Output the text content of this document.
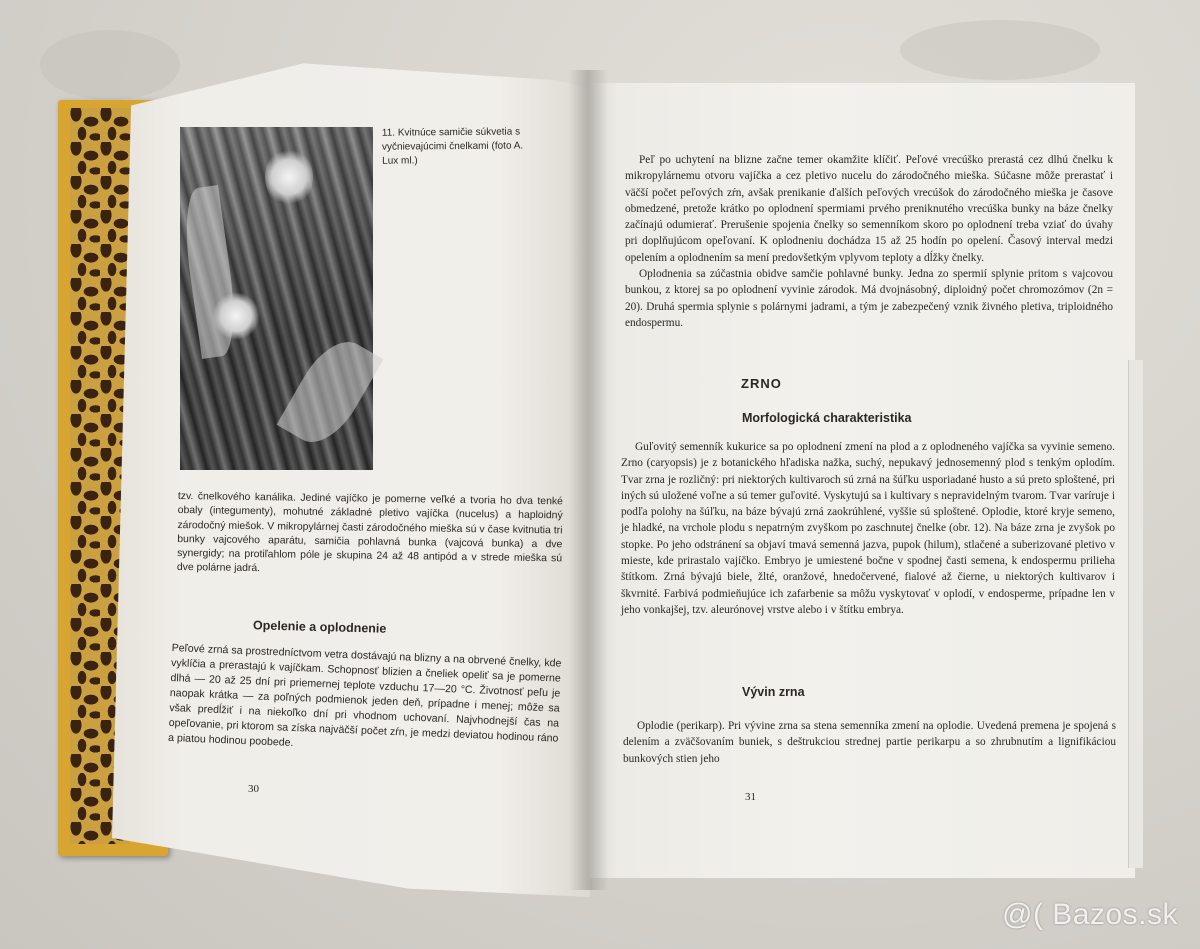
11. Kvitnúce samičie súkvetia s vyčnievajúcimi čnelkami (foto A. Lux ml.)

tzv. čnelkového kanálika. Jediné vajíčko je pomerne veľké a tvoria ho dva tenké obaly (integumenty), mohutné základné pletivo vajíčka (nucelus) a haploidný zárodočný miešok. V mikropylárnej časti zárodočného mieška sú v čase kvitnutia tri bunky vajcového aparátu, samičia pohlavná bunka (vajcová bunka) a dve synergidy; na protiľahlom póle je skupina 24 až 48 antipód a v strede mieška sú dve polárne jadrá.

Opelenie a oplodnenie

Peľové zrná sa prostredníctvom vetra dostávajú na blizny a na obrvené čnelky, kde vyklíčia a prerastajú k vajíčkam. Schopnosť blizien a čneliek opeliť sa je pomerne dlhá — 20 až 25 dní pri priemernej teplote vzduchu 17—20 °C. Životnosť peľu je naopak krátka — za poľných podmienok jeden deň, prípadne i menej; môže sa však predĺžiť i na niekoľko dní pri vhodnom uchovaní. Najvhodnejší čas na opeľovanie, pri ktorom sa získa najväčší počet zŕn, je medzi deviatou hodinou ráno a piatou hodinou poobede.

30

Peľ po uchytení na blizne začne temer okamžite klíčiť. Peľové vrecúško prerastá cez dlhú čnelku k mikropylárnemu otvoru vajíčka a cez pletivo nucelu do zárodočného mieška. Súčasne môže prerastať i väčší počet peľových zŕn, avšak prenikanie ďalších peľových vrecúšok do zárodočného mieška je časove obmedzené, pretože krátko po oplodnení spermiami prvého preniknutého vrecúška bunky na báze čnelky začínajú odumierať. Prerušenie spojenia čnelky so semenníkom skoro po oplodnení treba vziať do úvahy pri doplňujúcom opeľovaní. K oplodneniu dochádza 15 až 25 hodín po opelení. Časový interval medzi opelením a oplodnením sa mení predovšetkým vplyvom teploty a dĺžky čnelky.

Oplodnenia sa zúčastnia obidve samčie pohlavné bunky. Jedna zo spermií splynie pritom s vajcovou bunkou, z ktorej sa po oplodnení vyvinie zárodok. Má dvojnásobný, diploidný počet chromozómov (2n = 20). Druhá spermia splynie s polárnymi jadrami, a tým je zabezpečený vznik živného pletiva, triploidného endospermu.

ZRNO

Morfologická charakteristika

Guľovitý semenník kukurice sa po oplodnení zmení na plod a z oplodneného vajíčka sa vyvinie semeno. Zrno (caryopsis) je z botanického hľadiska nažka, suchý, nepukavý jednosemenný plod s tenkým oplodím. Tvar zrna je rozličný: pri niektorých kultivaroch sú zrná na šúľku usporiadané husto a sú preto sploštené, pri iných sú uložené voľne a sú temer guľovité. Vyskytujú sa i kultivary s nepravidelným tvarom. Tvar varíruje i podľa polohy na šúľku, na báze bývajú zrná zaokrúhlené, vyššie sú sploštené. Oplodie, ktoré kryje semeno, je hladké, na vrchole plodu s nepatrným zvyškom po zaschnutej čnelke (obr. 12). Na báze zrna je zvyšok po stopke. Po jeho odstránení sa objaví tmavá semenná jazva, pupok (hilum), stlačené a suberizované pletivo v mieste, kde prirastalo vajíčko. Embryo je umiestené bočne v spodnej časti semena, k endospermu prilieha štítkom. Zrná bývajú biele, žlté, oranžové, hnedočervené, fialové až čierne, u niektorých kultivarov i škvrnité. Farbivá podmieňujúce ich zafarbenie sa môžu vyskytovať v oplodí, v endosperme, prípadne len v jeho vonkajšej, tzv. aleurónovej vrstve alebo i v štítku embrya.

Vývin zrna

Oplodie (perikarp). Pri vývine zrna sa stena semenníka zmení na oplodie. Uvedená premena je spojená s delením a zväčšovaním buniek, s deštrukciou strednej partie perikarpu a so zhrubnutím a lignifikáciou bunkových stien jeho

31

@( Bazos.sk
